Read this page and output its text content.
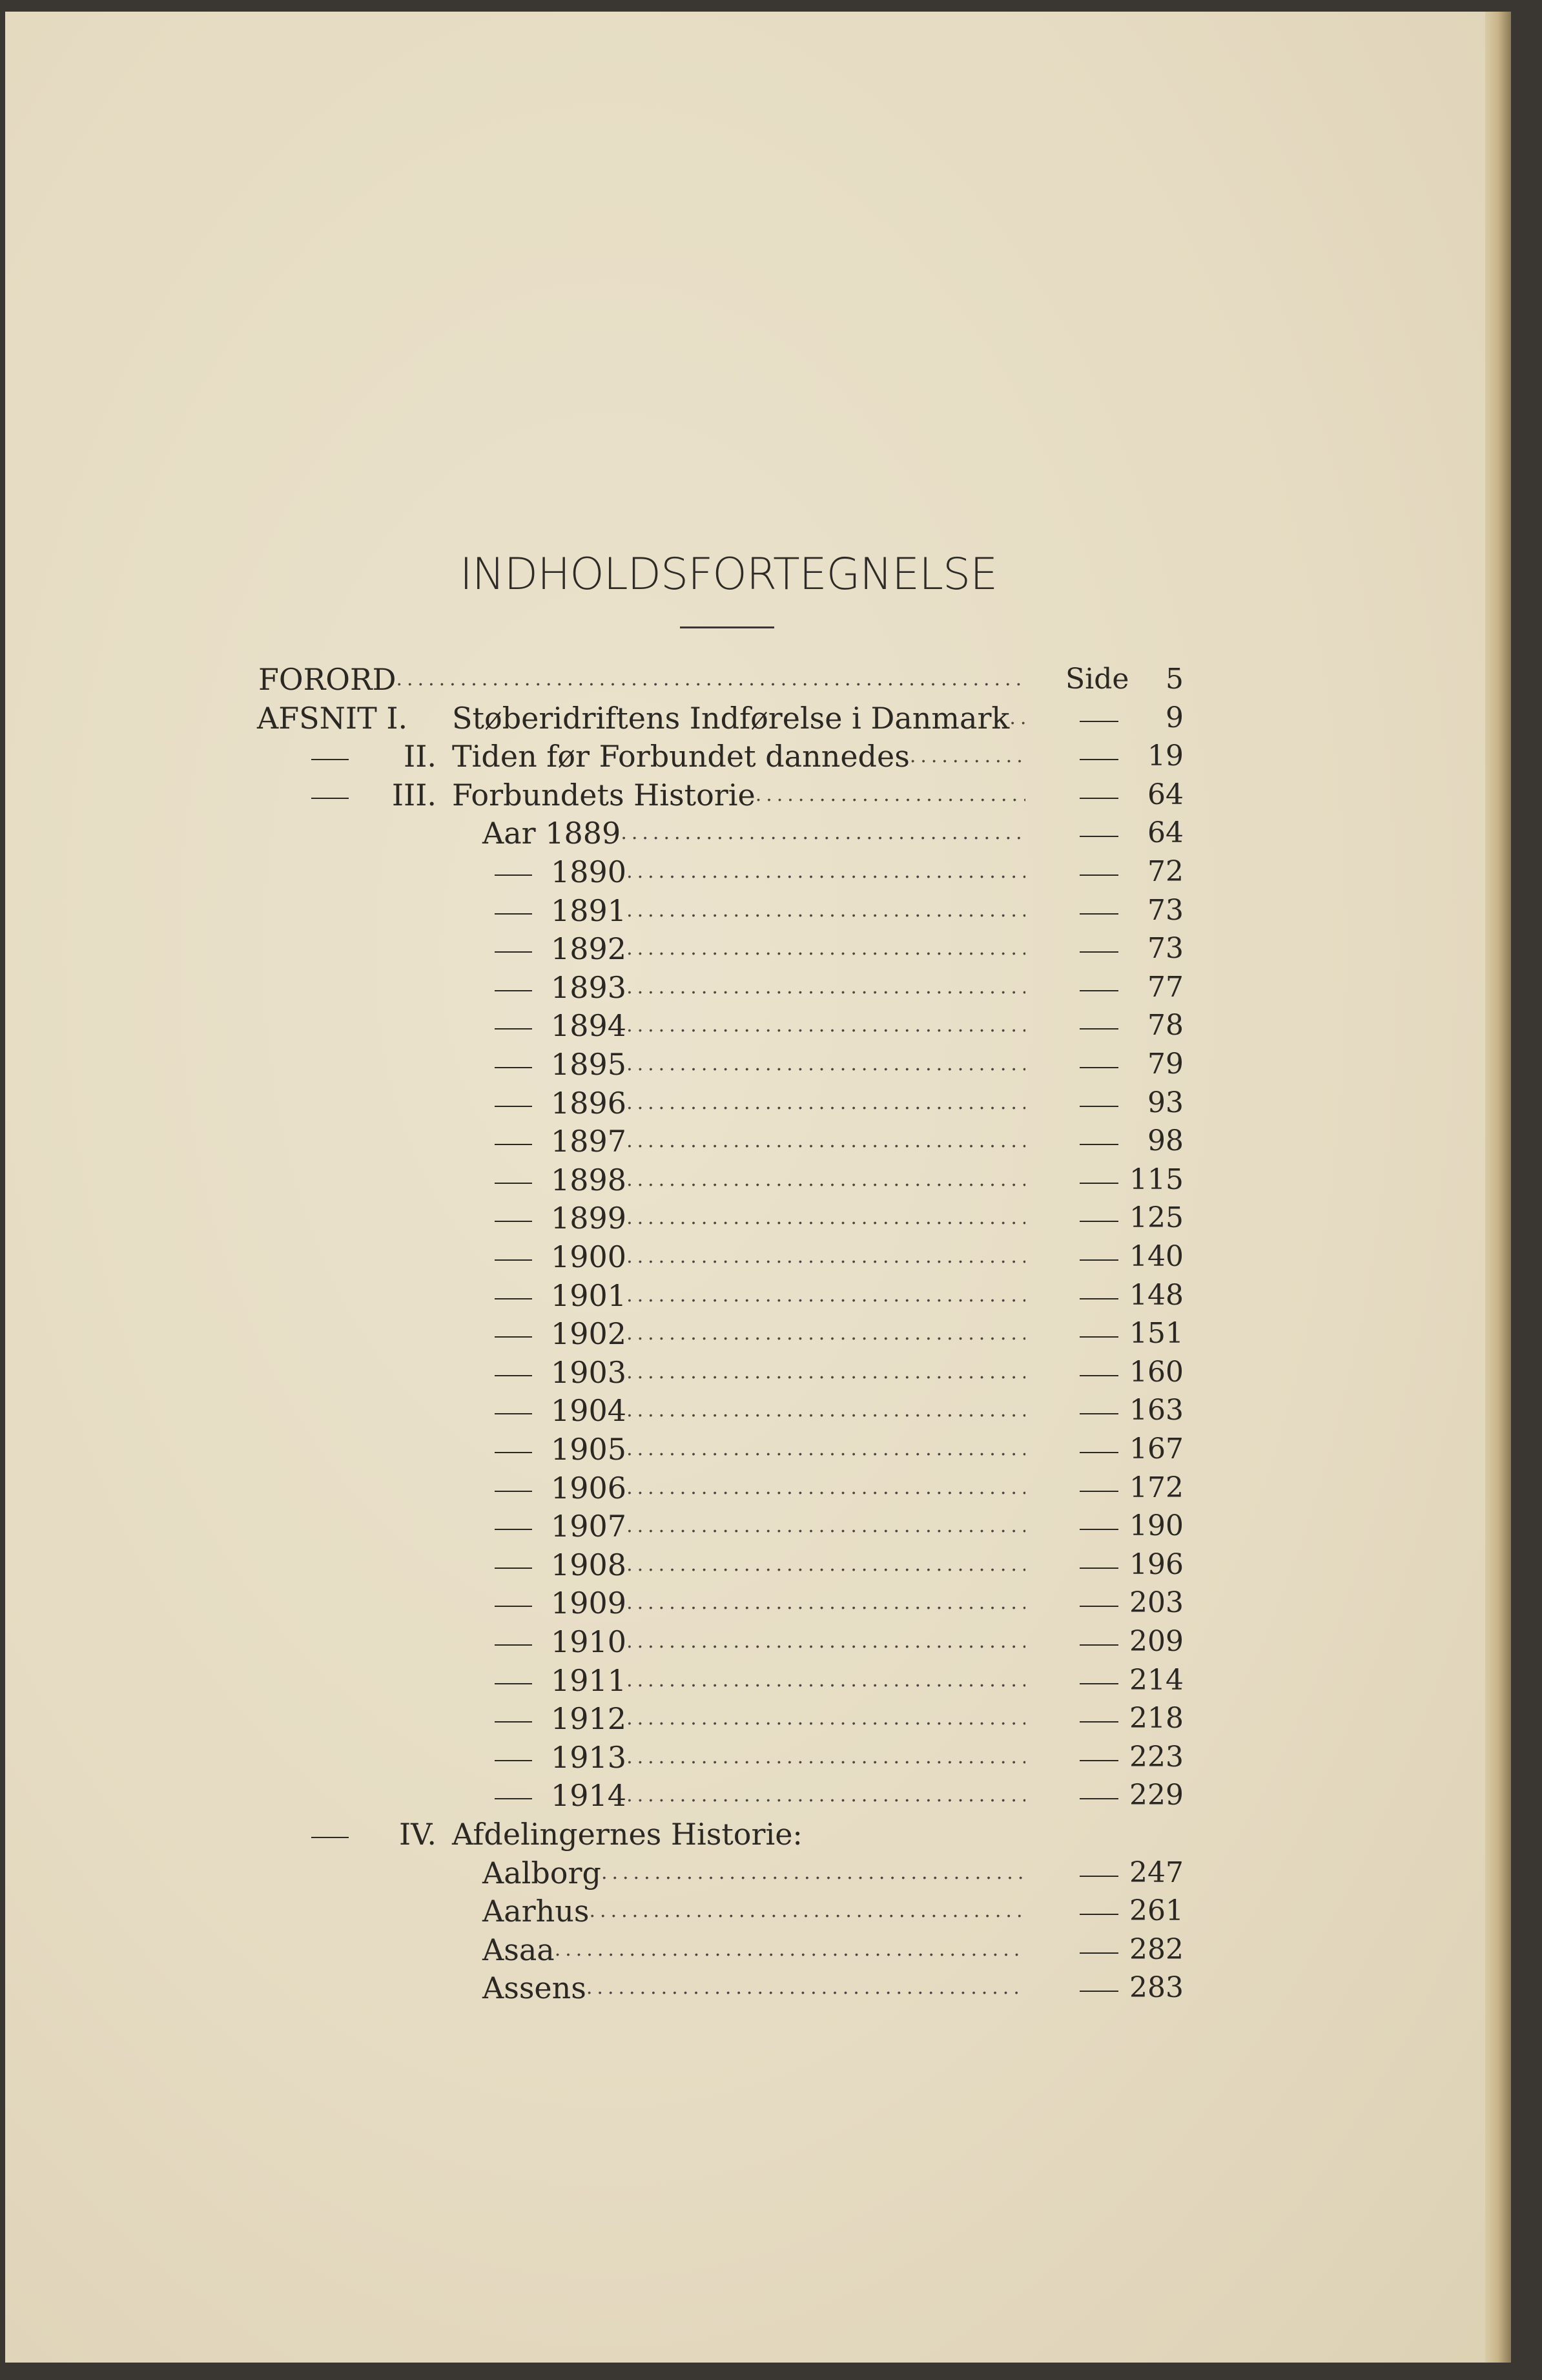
INDHOLDSFORTEGNELSE
FORORD .....	Side 5
AFSNIT I. Støberidriftens Indførelse i Danmark .....	9
II. Tiden før Forbundet dannedes .....	19
III. Forbundets Historie .....	64
Aar 1889 .....	64
1890 .....	72
1891 .....	73
1892 .....	73
1893 .....	77
1894 .....	78
1895 .....	79
1896 .....	93
1897 .....	98
1898 .....	115
1899 .....	125
1900 .....	140
1901 .....	148
1902 .....	151
1903 .....	160
1904 .....	163
1905 .....	167
1906 .....	172
1907 .....	190
1908 .....	196
1909 .....	203
1910 .....	209
1911 .....	214
1912 .....	218
1913 .....	223
1914 .....	229
IV. Afdelingernes Historie:
Aalborg .....	247
Aarhus .....	261
Asaa .....	282
Assens .....	283
